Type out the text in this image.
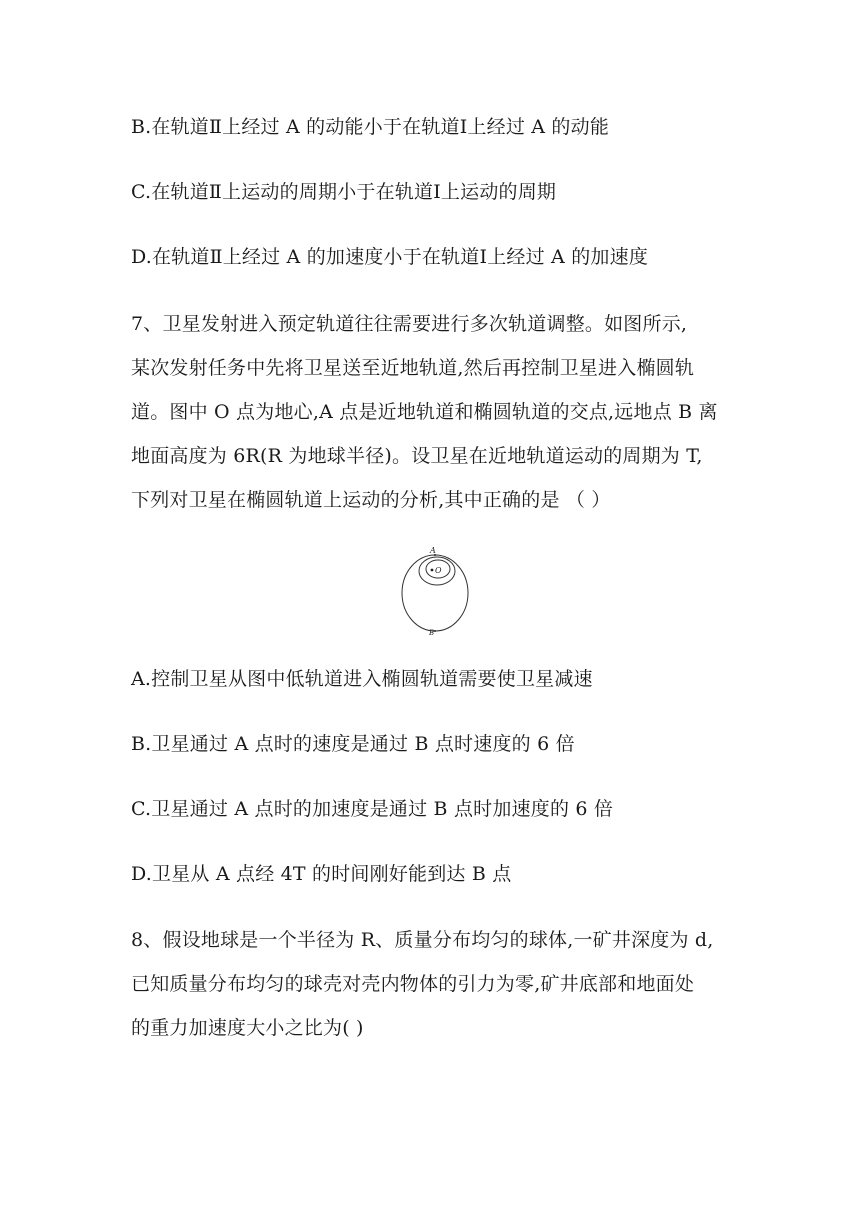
B.在轨道Ⅱ上经过 A 的动能小于在轨道Ⅰ上经过 A 的动能
C.在轨道Ⅱ上运动的周期小于在轨道Ⅰ上运动的周期
D.在轨道Ⅱ上经过 A 的加速度小于在轨道Ⅰ上经过 A 的加速度
7、卫星发射进入预定轨道往往需要进行多次轨道调整。如图所示,
某次发射任务中先将卫星送至近地轨道,然后再控制卫星进入椭圆轨
道。图中 O 点为地心,A 点是近地轨道和椭圆轨道的交点,远地点 B 离
地面高度为 6R(R 为地球半径)。设卫星在近地轨道运动的周期为 T,
下列对卫星在椭圆轨道上运动的分析,其中正确的是 （ ）
A
O
B
A.控制卫星从图中低轨道进入椭圆轨道需要使卫星减速
B.卫星通过 A 点时的速度是通过 B 点时速度的 6 倍
C.卫星通过 A 点时的加速度是通过 B 点时加速度的 6 倍
D.卫星从 A 点经 4T 的时间刚好能到达 B 点
8、假设地球是一个半径为 R、质量分布均匀的球体,一矿井深度为 d,
已知质量分布均匀的球壳对壳内物体的引力为零,矿井底部和地面处
的重力加速度大小之比为( )
